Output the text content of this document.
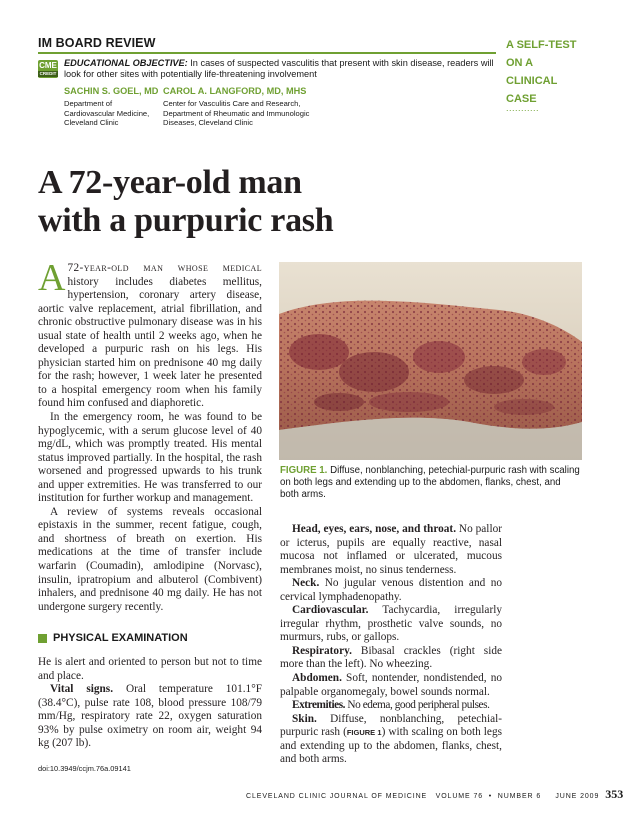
IM BOARD REVIEW	A SELF-TEST
ON A
CLINICAL
CASE
...........
CME
CREDIT
EDUCATIONAL OBJECTIVE: In cases of suspected vasculitis that present with skin disease, readers will look for other sites with potentially life-threatening involvement
SACHIN S. GOEL, MD
Department of Cardiovascular Medicine, Cleveland Clinic
CAROL A. LANGFORD, MD, MHS
Center for Vasculitis Care and Research, Department of Rheumatic and Immunologic Diseases, Cleveland Clinic
A 72-year-old man
with a purpuric rash

A 72-year-old man whose medical history includes diabetes mellitus, hypertension, coronary artery disease, aortic valve replacement, atrial fibrillation, and chronic obstructive pulmonary disease was in his usual state of health until 2 weeks ago, when he developed a purpuric rash on his legs. His physician started him on prednisone 40 mg daily for the rash; however, 1 week later he presented to a hospital emergency room when his family found him confused and diaphoretic.

In the emergency room, he was found to be hypoglycemic, with a serum glucose level of 40 mg/dL, which was promptly treated. His mental status improved partially. In the hospital, the rash worsened and progressed upwards to his trunk and upper extremities. He was transferred to our institution for further workup and management.

A review of systems reveals occasional epistaxis in the summer, recent fatigue, cough, and shortness of breath on exertion. His medications at the time of transfer include warfarin (Coumadin), amlodipine (Norvasc), insulin, ipratropium and albuterol (Combivent) inhalers, and prednisone 40 mg daily. He has not undergone surgery recently.

PHYSICAL EXAMINATION

He is alert and oriented to person but not to time and place.

Vital signs. Oral temperature 101.1°F (38.4°C), pulse rate 108, blood pressure 108/79 mm/Hg, respiratory rate 22, oxygen saturation 93% by pulse oximetry on room air, weight 94 kg (207 lb).

FIGURE 1. Diffuse, nonblanching, petechial-purpuric rash with scaling on both legs and extending up to the abdomen, flanks, chest, and both arms.

Head, eyes, ears, nose, and throat. No pallor or icterus, pupils are equally reactive, nasal mucosa not inflamed or ulcerated, mucous membranes moist, no sinus tenderness.

Neck. No jugular venous distention and no cervical lymphadenopathy.

Cardiovascular. Tachycardia, irregularly irregular rhythm, prosthetic valve sounds, no murmurs, rubs, or gallops.

Respiratory. Bibasal crackles (right side more than the left). No wheezing.

Abdomen. Soft, nontender, nondistended, no palpable organomegaly, bowel sounds normal.

Extremities. No edema, good peripheral pulses.

Skin. Diffuse, nonblanching, petechial-purpuric rash (FIGURE 1) with scaling on both legs and extending up to the abdomen, flanks, chest, and both arms.

doi:10.3949/ccjm.76a.09141
CLEVELAND CLINIC JOURNAL OF MEDICINE   VOLUME 76  •  NUMBER 6     JUNE 2009 353
